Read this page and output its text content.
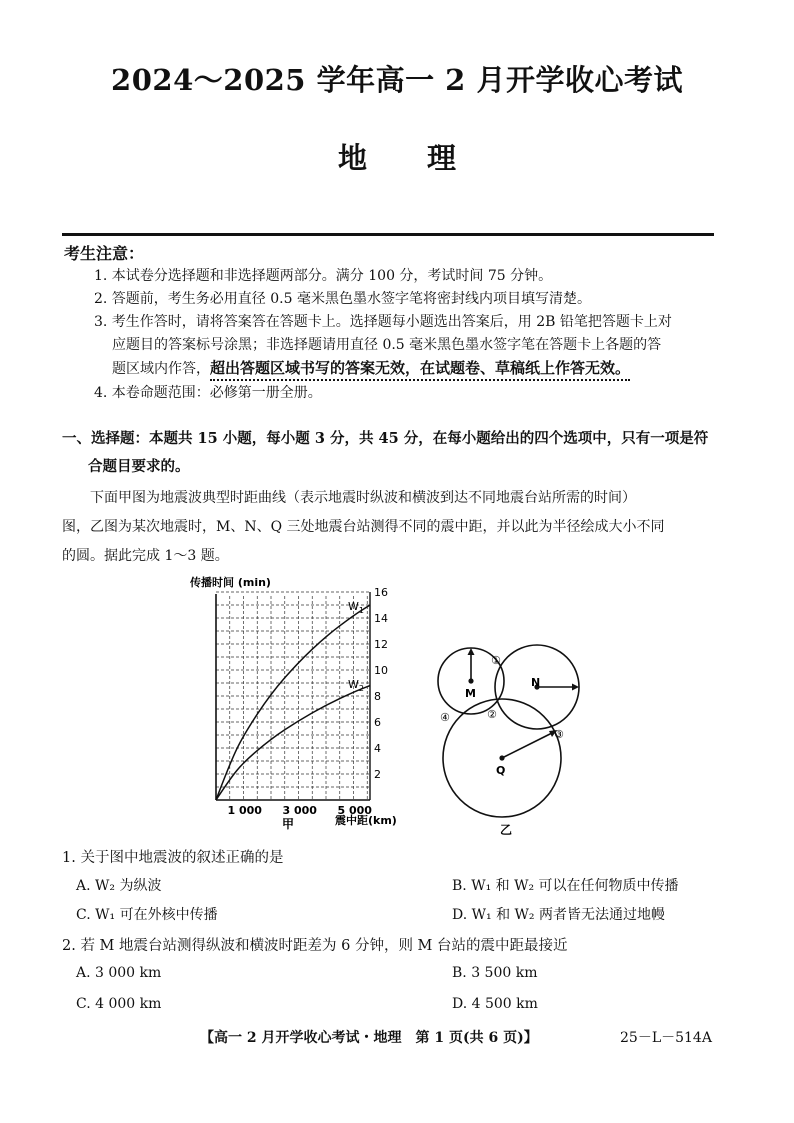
2024～2025 学年高一 2 月开学收心考试
地理
考生注意：
1. 本试卷分选择题和非选择题两部分。满分 100 分，考试时间 75 分钟。
2. 答题前，考生务必用直径 0.5 毫米黑色墨水签字笔将密封线内项目填写清楚。
3. 考生作答时，请将答案答在答题卡上。选择题每小题选出答案后，用 2B 铅笔把答题卡上对
应题目的答案标号涂黑；非选择题请用直径 0.5 毫米黑色墨水签字笔在答题卡上各题的答
题区域内作答，超出答题区域书写的答案无效，在试题卷、草稿纸上作答无效。
4. 本卷命题范围：必修第一册全册。
一、选择题：本题共 15 小题，每小题 3 分，共 45 分，在每小题给出的四个选项中，只有一项是符
合题目要求的。
下面甲图为地震波典型时距曲线（表示地震时纵波和横波到达不同地震台站所需的时间）
图，乙图为某次地震时，M、N、Q 三处地震台站测得不同的震中距，并以此为半径绘成大小不同
的圆。据此完成 1～3 题。
2
4
6
8
10
12
14
16
1 000 3 000 5 000
传播时间 (min)
震中距(km)
甲
$W_1$
$W_2$	M
N
Q
①
②
③
④
乙
1. 关于图中地震波的叙述正确的是
A. W₂ 为纵波	B. W₁ 和 W₂ 可以在任何物质中传播
C. W₁ 可在外核中传播	D. W₁ 和 W₂ 两者皆无法通过地幔
2. 若 M 地震台站测得纵波和横波时距差为 6 分钟，则 M 台站的震中距最接近
A. 3 000 km	B. 3 500 km
C. 4 000 km	D. 4 500 km
【高一 2 月开学收心考试・地理　第 1 页(共 6 页)】	25－L－514A
